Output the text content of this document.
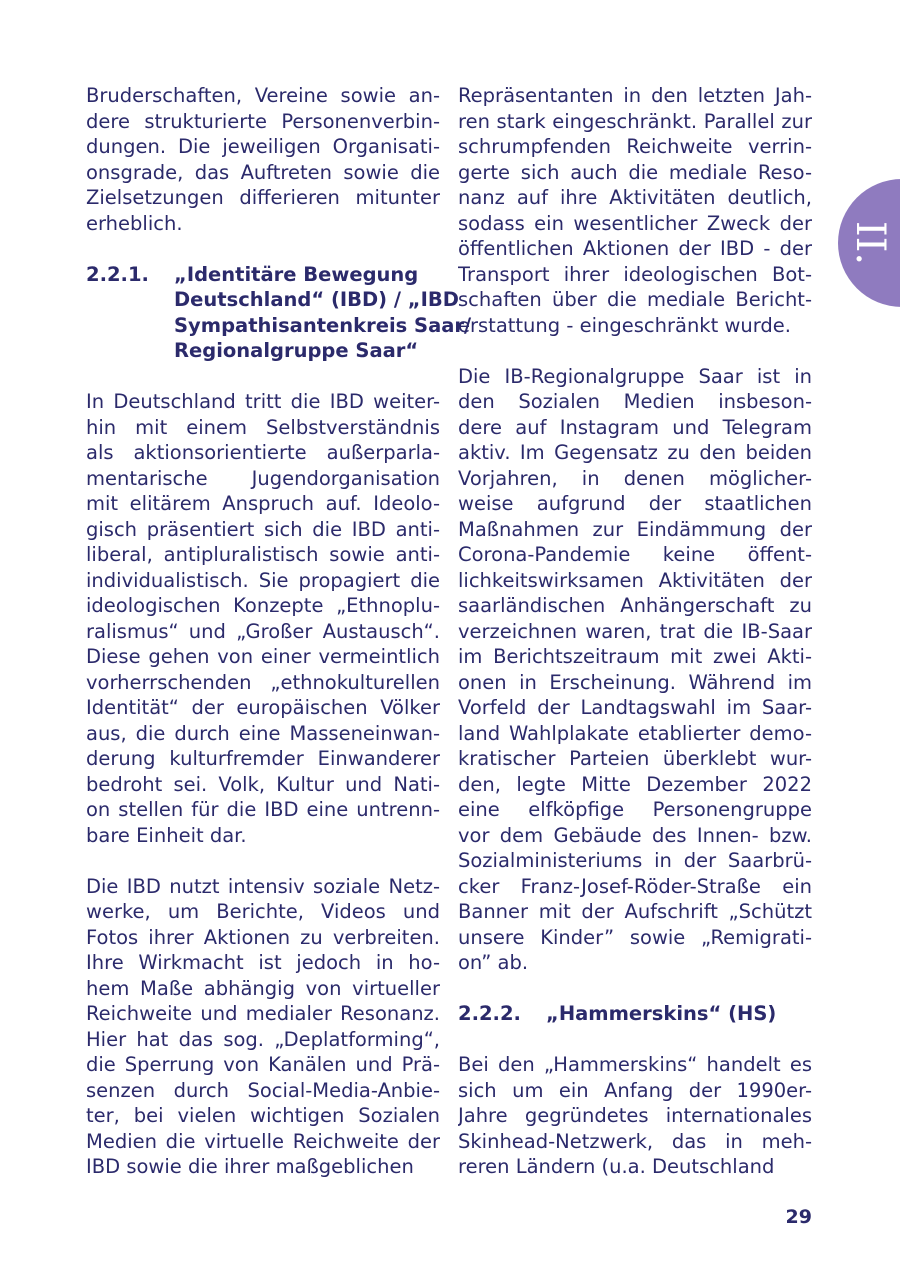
Bruderschaften, Vereine sowie an-
dere strukturierte Personenverbin-
dungen. Die jeweiligen Organisati-
onsgrade, das Auftreten sowie die
Zielsetzungen differieren mitunter
erheblich.
2.2.1.	„Identitäre Bewegung
Deutschland“ (IBD) / „IBD
Sympathisantenkreis Saar/
Regionalgruppe Saar“
In Deutschland tritt die IBD weiter-
hin mit einem Selbstverständnis
als aktionsorientierte außerparla-
mentarische Jugendorganisation
mit elitärem Anspruch auf. Ideolo-
gisch präsentiert sich die IBD anti-
liberal, antipluralistisch sowie anti-
individualistisch. Sie propagiert die
ideologischen Konzepte „Ethnoplu-
ralismus“ und „Großer Austausch“.
Diese gehen von einer vermeintlich
vorherrschenden „ethnokulturellen
Identität“ der europäischen Völker
aus, die durch eine Masseneinwan-
derung kulturfremder Einwanderer
bedroht sei. Volk, Kultur und Nati-
on stellen für die IBD eine untrenn-
bare Einheit dar.
Die IBD nutzt intensiv soziale Netz-
werke, um Berichte, Videos und
Fotos ihrer Aktionen zu verbreiten.
Ihre Wirkmacht ist jedoch in ho-
hem Maße abhängig von virtueller
Reichweite und medialer Resonanz.
Hier hat das sog. „Deplatforming“,
die Sperrung von Kanälen und Prä-
senzen durch Social-Media-Anbie-
ter, bei vielen wichtigen Sozialen
Medien die virtuelle Reichweite der
IBD sowie die ihrer maßgeblichen
Repräsentanten in den letzten Jah-
ren stark eingeschränkt. Parallel zur
schrumpfenden Reichweite verrin-
gerte sich auch die mediale Reso-
nanz auf ihre Aktivitäten deutlich,
sodass ein wesentlicher Zweck der
öffentlichen Aktionen der IBD - der
Transport ihrer ideologischen Bot-
schaften über die mediale Bericht-
erstattung - eingeschränkt wurde.
Die IB-Regionalgruppe Saar ist in
den Sozialen Medien insbeson-
dere auf Instagram und Telegram
aktiv. Im Gegensatz zu den beiden
Vorjahren, in denen möglicher-
weise aufgrund der staatlichen
Maßnahmen zur Eindämmung der
Corona-Pandemie keine öffent-
lichkeitswirksamen Aktivitäten der
saarländischen Anhängerschaft zu
verzeichnen waren, trat die IB-Saar
im Berichtszeitraum mit zwei Akti-
onen in Erscheinung. Während im
Vorfeld der Landtagswahl im Saar-
land Wahlplakate etablierter demo-
kratischer Parteien überklebt wur-
den, legte Mitte Dezember 2022
eine elfköpfige Personengruppe
vor dem Gebäude des Innen- bzw.
Sozialministeriums in der Saarbrü-
cker Franz-Josef-Röder-Straße ein
Banner mit der Aufschrift „Schützt
unsere Kinder” sowie „Remigrati-
on” ab.
2.2.2.	„Hammerskins“ (HS)
Bei den „Hammerskins“ handelt es
sich um ein Anfang der 1990er-
Jahre gegründetes internationales
Skinhead-Netzwerk, das in meh-
reren Ländern (u.a. Deutschland
II.
29
